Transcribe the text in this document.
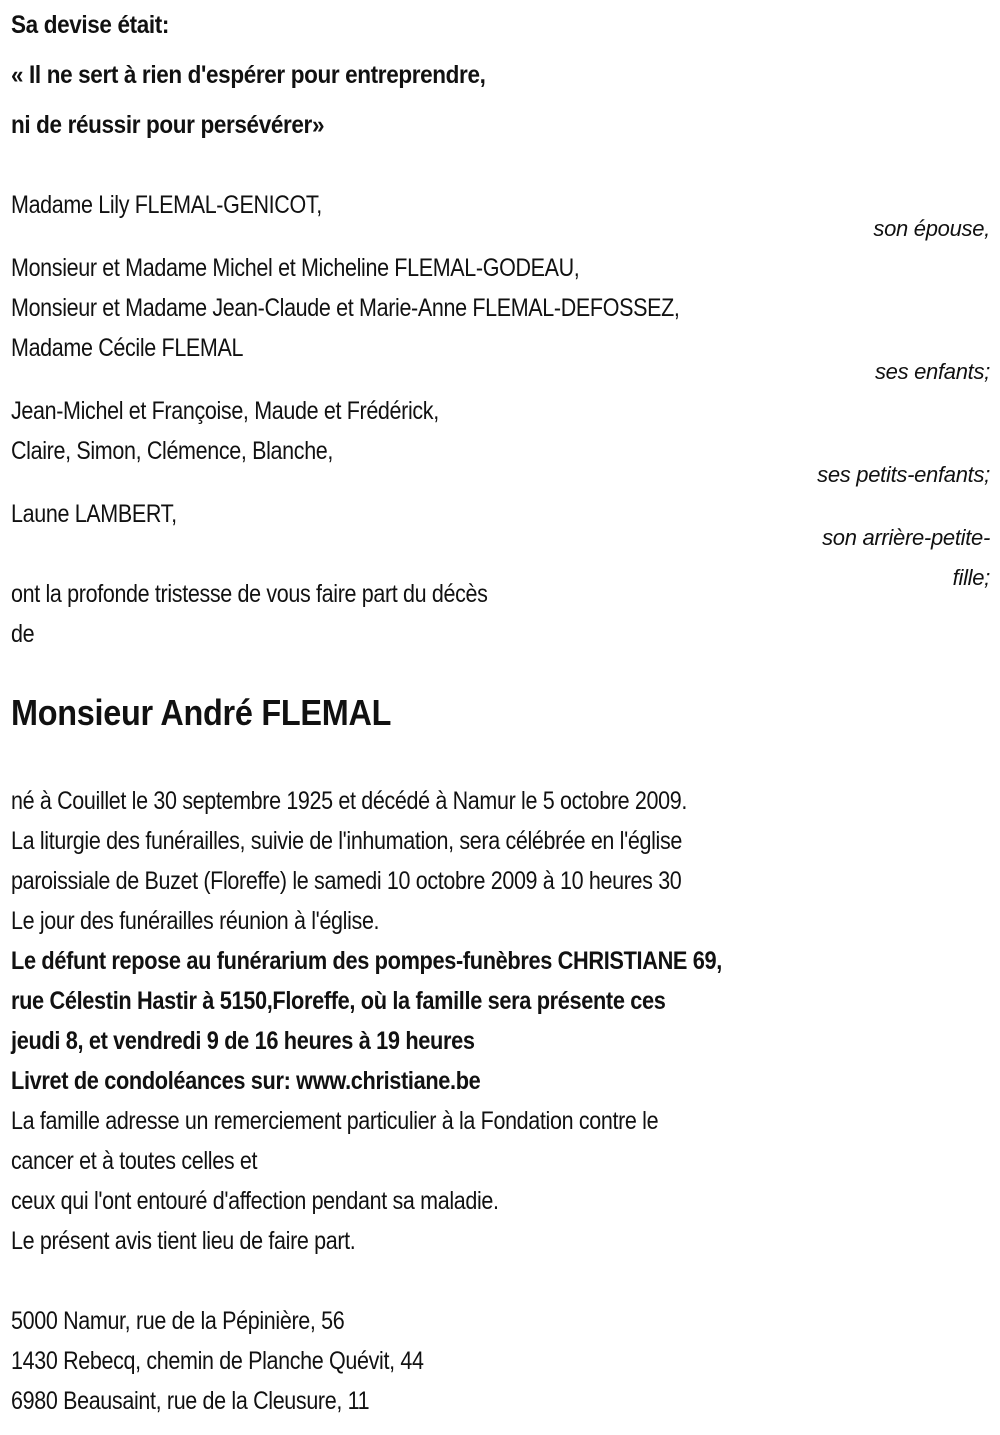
Sa devise était:
« Il ne sert à rien d'espérer pour entreprendre,
ni de réussir pour persévérer»
Madame Lily FLEMAL-GENICOT,
son épouse,
Monsieur et Madame Michel et Micheline FLEMAL-GODEAU,
Monsieur et Madame Jean-Claude et Marie-Anne FLEMAL-DEFOSSEZ,
Madame Cécile FLEMAL
ses enfants;
Jean-Michel et Françoise, Maude et Frédérick,
Claire, Simon, Clémence, Blanche,
ses petits-enfants;
Laune LAMBERT,
son arrière-petite-
fille;
ont la profonde tristesse de vous faire part du décès
de
Monsieur André FLEMAL
né à Couillet le 30 septembre 1925 et décédé à Namur le 5 octobre 2009.
La liturgie des funérailles, suivie de l'inhumation, sera célébrée en l'église
paroissiale de Buzet (Floreffe) le samedi 10 octobre 2009 à 10 heures 30
Le jour des funérailles réunion à l'église.
Le défunt repose au funérarium des pompes-funèbres CHRISTIANE 69,
rue Célestin Hastir à 5150,Floreffe, où la famille sera présente ces
jeudi 8, et vendredi 9 de 16 heures à 19 heures
Livret de condoléances sur: www.christiane.be
La famille adresse un remerciement particulier à la Fondation contre le
cancer et à toutes celles et
ceux qui l'ont entouré d'affection pendant sa maladie.
Le présent avis tient lieu de faire part.
5000 Namur, rue de la Pépinière, 56
1430 Rebecq, chemin de Planche Quévit, 44
6980 Beausaint, rue de la Cleusure, 11
